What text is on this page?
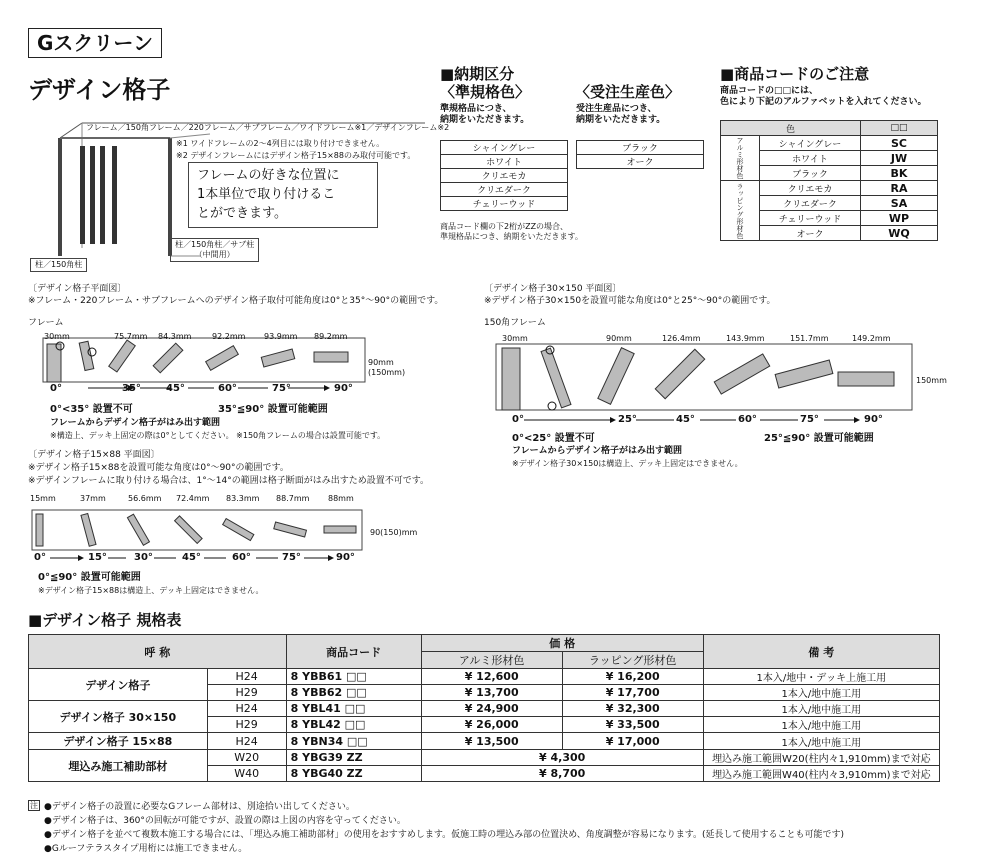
Gスクリーン
デザイン格子
フレーム／150角フレーム／220フレーム／サブフレーム／ワイドフレーム※1／デザインフレーム※2
※1 ワイドフレームの2～4列目には取り付けできません。
※2 デザインフレームにはデザイン格子15×88のみ取付可能です。
フレームの好きな位置に
1本単位で取り付けるこ
とができます。
柱／150角柱／サブ柱
（中間用）
柱／150角柱
■納期区分
〈準規格色〉
準規格品につき、
納期をいただきます。
シャイングレー
ホワイト
クリエモカ
クリエダーク
チェリーウッド
〈受注生産色〉
受注生産品につき、
納期をいただきます。
ブラック
オーク
商品コード欄の下2桁がZZの場合、
準規格品につき、納期をいただきます。
■商品コードのご注意
商品コードの□□には、
色により下記のアルファベットを入れてください。
色		□□
アルミ形材色	シャイングレー	SC
	ホワイト	JW
	ブラック	BK
ラッピング形材色	クリエモカ	RA
	クリエダーク	SA
	チェリーウッド	WP
	オーク	WQ
〔デザイン格子平面図〕
※フレーム・220フレーム・サブフレームへのデザイン格子取付可能角度は0°と35°～90°の範囲です。
フレーム
30mm	75.7mm 84.3mm	92.2mm 93.9mm 89.2mm
90mm
(150mm)
0°	35°	45°	60°	75°	90°
0°<35° 設置不可	35°≦90° 設置可能範囲
フレームからデザイン格子がはみ出す範囲
※構造上、デッキ上固定の際は0°としてください。 ※150角フレームの場合は設置可能です。
〔デザイン格子30×150 平面図〕
※デザイン格子30×150を設置可能な角度は0°と25°～90°の範囲です。
150角フレーム
30mm	90mm	126.4mm	143.9mm	151.7mm	149.2mm
150mm
0°	25°	45°	60°	75°	90°
0°<25° 設置不可	25°≦90° 設置可能範囲
フレームからデザイン格子がはみ出す範囲
※デザイン格子30×150は構造上、デッキ上固定はできません。
〔デザイン格子15×88 平面図〕
※デザイン格子15×88を設置可能な角度は0°～90°の範囲です。
※デザインフレームに取り付ける場合は、1°～14°の範囲は格子断面がはみ出すため設置不可です。
15mm	37mm	56.6mm 72.4mm 83.3mm 88.7mm 88mm
90(150)mm
0°	15°	30°	45°	60°	75°	90°
0°≦90° 設置可能範囲
※デザイン格子15×88は構造上、デッキ上固定はできません。
■デザイン格子 規格表
呼 称		商品コード	価 格		備 考
			アルミ形材色	ラッピング形材色	
デザイン格子	H24	8 YBB61 □□	¥ 12,600	¥ 16,200	1本入/地中・デッキ上施工用
	H29	8 YBB62 □□	¥ 13,700	¥ 17,700	1本入/地中施工用
デザイン格子 30×150	H24	8 YBL41 □□	¥ 24,900	¥ 32,300	1本入/地中施工用
	H29	8 YBL42 □□	¥ 26,000	¥ 33,500	1本入/地中施工用
デザイン格子 15×88	H24	8 YBN34 □□	¥ 13,500	¥ 17,000	1本入/地中施工用
埋込み施工補助部材	W20	8 YBG39 ZZ	¥ 4,300		埋込み施工範囲W20(柱内々1,910mm)まで対応
	W40	8 YBG40 ZZ	¥ 8,700		埋込み施工範囲W40(柱内々3,910mm)まで対応
注 ●デザイン格子の設置に必要なGフレーム部材は、別途拾い出してください。
●デザイン格子は、360°の回転が可能ですが、設置の際は上図の内容を守ってください。
●デザイン格子を並べて複数本施工する場合には、「埋込み施工補助部材」の使用をおすすめします。仮施工時の埋込み部の位置決め、角度調整が容易になります。(延長して使用することも可能です)
●Gルーフテラスタイプ用桁には施工できません。
